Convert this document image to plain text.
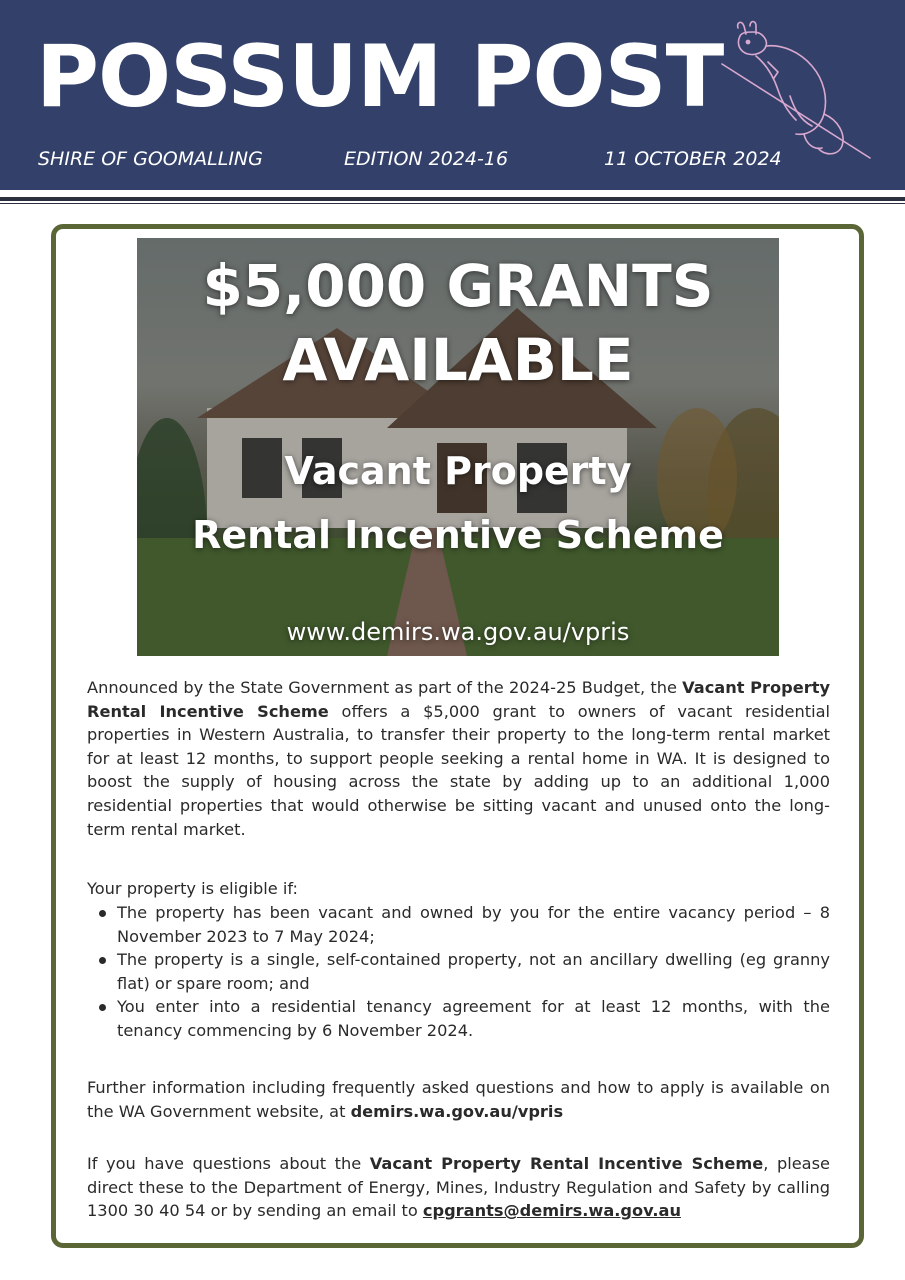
POSSUM POST
SHIRE OF GOOMALLING	EDITION 2024-16	11 OCTOBER 2024
$5,000 GRANTS
AVAILABLE
Vacant Property
Rental Incentive Scheme
www.demirs.wa.gov.au/vpris
Announced by the State Government as part of the 2024-25 Budget, the Vacant Property Rental Incentive Scheme offers a $5,000 grant to owners of vacant residential properties in Western Australia, to transfer their property to the long-term rental market for at least 12 months, to support people seeking a rental home in WA. It is designed to boost the supply of housing across the state by adding up to an additional 1,000 residential properties that would otherwise be sitting vacant and unused onto the long-term rental market.
Your property is eligible if:
The property has been vacant and owned by you for the entire vacancy period – 8 November 2023 to 7 May 2024;
The property is a single, self-contained property, not an ancillary dwelling (eg granny flat) or spare room; and
You enter into a residential tenancy agreement for at least 12 months, with the tenancy commencing by 6 November 2024.
Further information including frequently asked questions and how to apply is available on the WA Government website, at demirs.wa.gov.au/vpris
If you have questions about the Vacant Property Rental Incentive Scheme, please direct these to the Department of Energy, Mines, Industry Regulation and Safety by calling 1300 30 40 54 or by sending an email to cpgrants@demirs.wa.gov.au
